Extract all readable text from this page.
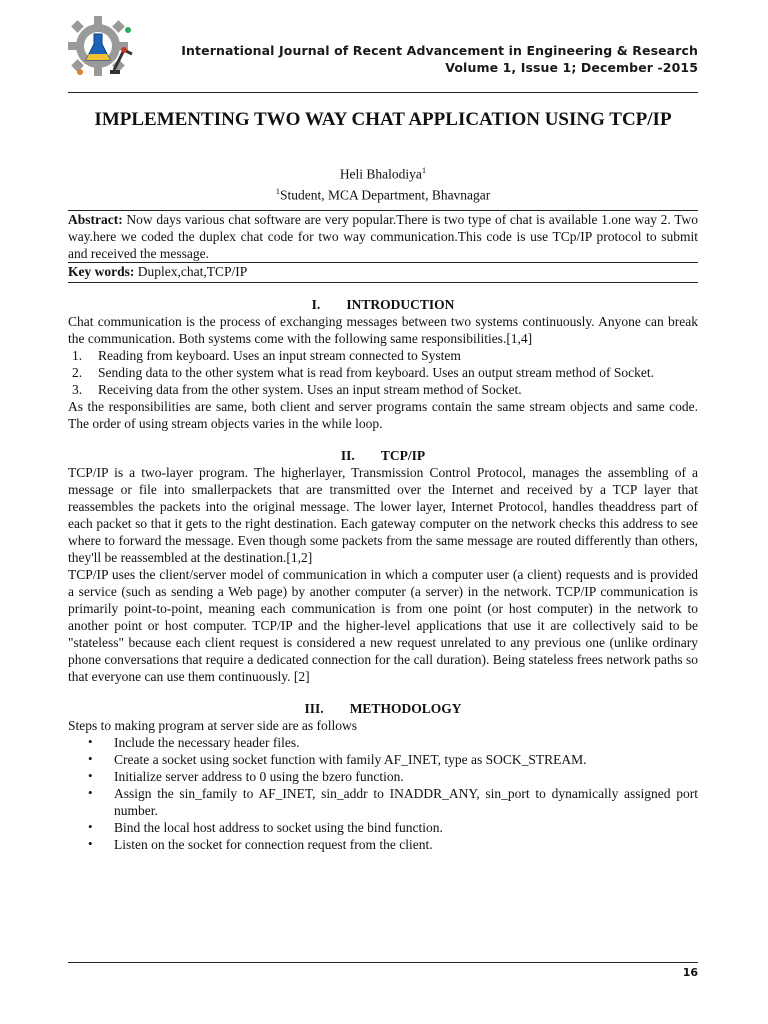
International Journal of Recent Advancement in Engineering & Research
Volume 1, Issue 1; December -2015
IMPLEMENTING TWO WAY CHAT APPLICATION USING TCP/IP
Heli Bhalodiya$^1$
$^1$Student, MCA Department, Bhavnagar

Abstract: Now days various chat software are very popular.There is two type of chat is available 1.one way 2. Two way.here we coded the duplex chat code for two way communication.This code is use TCp/IP protocol to submit and received the message.

Key words: Duplex,chat,TCP/IP

I. INTRODUCTION

Chat communication is the process of exchanging messages between two systems continuously. Anyone can break the communication. Both systems come with the following same responsibilities.[1,4]

1. Reading from keyboard. Uses an input stream connected to System
2. Sending data to the other system what is read from keyboard. Uses an output stream method of Socket.
3. Receiving data from the other system. Uses an input stream method of Socket.

As the responsibilities are same, both client and server programs contain the same stream objects and same code. The order of using stream objects varies in the while loop.

II. TCP/IP

TCP/IP is a two-layer program. The higherlayer, Transmission Control Protocol, manages the assembling of a message or file into smallerpackets that are transmitted over the Internet and received by a TCP layer that reassembles the packets into the original message. The lower layer, Internet Protocol, handles theaddress part of each packet so that it gets to the right destination. Each gateway computer on the network checks this address to see where to forward the message. Even though some packets from the same message are routed differently than others, they'll be reassembled at the destination.[1,2]

TCP/IP uses the client/server model of communication in which a computer user (a client) requests and is provided a service (such as sending a Web page) by another computer (a server) in the network. TCP/IP communication is primarily point-to-point, meaning each communication is from one point (or host computer) in the network to another point or host computer. TCP/IP and the higher-level applications that use it are collectively said to be "stateless" because each client request is considered a new request unrelated to any previous one (unlike ordinary phone conversations that require a dedicated connection for the call duration). Being stateless frees network paths so that everyone can use them continuously. [2]

III. METHODOLOGY

Steps to making program at server side are as follows

• Include the necessary header files.
• Create a socket using socket function with family AF_INET, type as SOCK_STREAM.
• Initialize server address to 0 using the bzero function.
• Assign the sin_family to AF_INET, sin_addr to INADDR_ANY, sin_port to dynamically assigned port number.
• Bind the local host address to socket using the bind function.
• Listen on the socket for connection request from the client.
16
